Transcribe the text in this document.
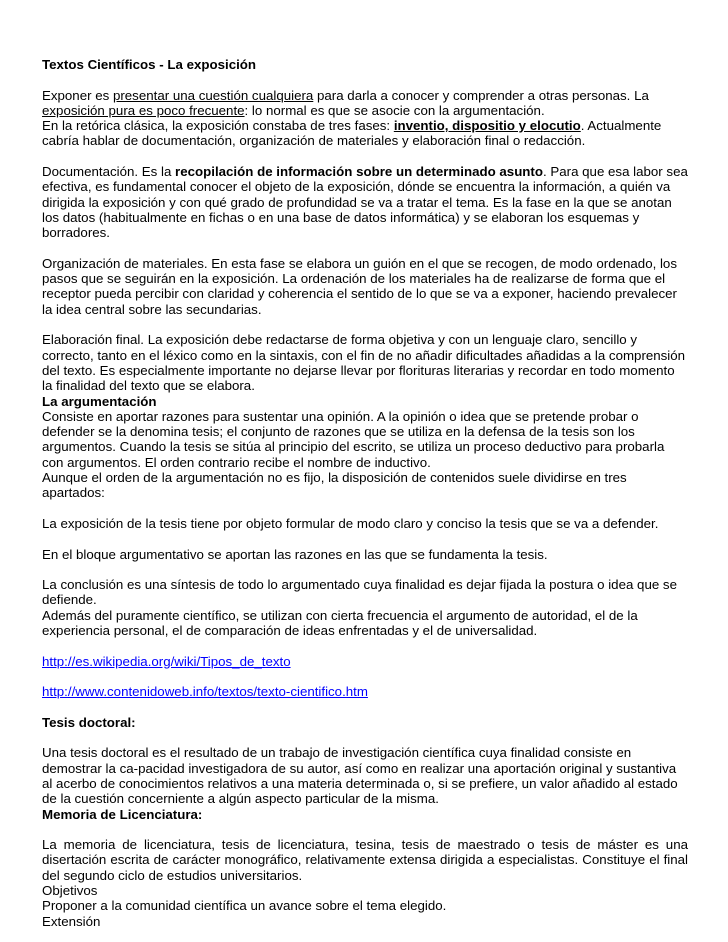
Textos Científicos - La exposición

Exponer es presentar una cuestión cualquiera para darla a conocer y comprender a otras personas. La exposición pura es poco frecuente: lo normal es que se asocie con la argumentación.

En la retórica clásica, la exposición constaba de tres fases: inventio, dispositio y elocutio. Actualmente cabría hablar de documentación, organización de materiales y elaboración final o redacción.

Documentación. Es la recopilación de información sobre un determinado asunto. Para que esa labor sea efectiva, es fundamental conocer el objeto de la exposición, dónde se encuentra la información, a quién va dirigida la exposición y con qué grado de profundidad se va a tratar el tema. Es la fase en la que se anotan los datos (habitualmente en fichas o en una base de datos informática) y se elaboran los esquemas y borradores.

Organización de materiales. En esta fase se elabora un guión en el que se recogen, de modo ordenado, los pasos que se seguirán en la exposición. La ordenación de los materiales ha de realizarse de forma que el receptor pueda percibir con claridad y coherencia el sentido de lo que se va a exponer, haciendo prevalecer la idea central sobre las secundarias.

Elaboración final. La exposición debe redactarse de forma objetiva y con un lenguaje claro, sencillo y correcto, tanto en el léxico como en la sintaxis, con el fin de no añadir dificultades añadidas a la comprensión del texto. Es especialmente importante no dejarse llevar por florituras literarias y recordar en todo momento la finalidad del texto que se elabora.

La argumentación

Consiste en aportar razones para sustentar una opinión. A la opinión o idea que se pretende probar o defender se la denomina tesis; el conjunto de razones que se utiliza en la defensa de la tesis son los argumentos. Cuando la tesis se sitúa al principio del escrito, se utiliza un proceso deductivo para probarla con argumentos. El orden contrario recibe el nombre de inductivo.

Aunque el orden de la argumentación no es fijo, la disposición de contenidos suele dividirse en tres apartados:

La exposición de la tesis tiene por objeto formular de modo claro y conciso la tesis que se va a defender.

En el bloque argumentativo se aportan las razones en las que se fundamenta la tesis.

La conclusión es una síntesis de todo lo argumentado cuya finalidad es dejar fijada la postura o idea que se defiende.

Además del puramente científico, se utilizan con cierta frecuencia el argumento de autoridad, el de la experiencia personal, el de comparación de ideas enfrentadas y el de universalidad.

http://es.wikipedia.org/wiki/Tipos_de_texto

http://www.contenidoweb.info/textos/texto-cientifico.htm

Tesis doctoral:

Una tesis doctoral es el resultado de un trabajo de investigación científica cuya finalidad consiste en demostrar la ca-pacidad investigadora de su autor, así como en realizar una aportación original y sustantiva al acerbo de conocimientos relativos a una materia determinada o, si se prefiere, un valor añadido al estado de la cuestión concerniente a algún aspecto particular de la misma.

Memoria de Licenciatura:

La memoria de licenciatura, tesis de licenciatura, tesina, tesis de maestrado o tesis de máster es una disertación escrita de carácter monográfico, relativamente extensa dirigida a especialistas. Constituye el final del segundo ciclo de estudios universitarios.

Objetivos

Proponer a la comunidad científica un avance sobre el tema elegido.

Extensión
